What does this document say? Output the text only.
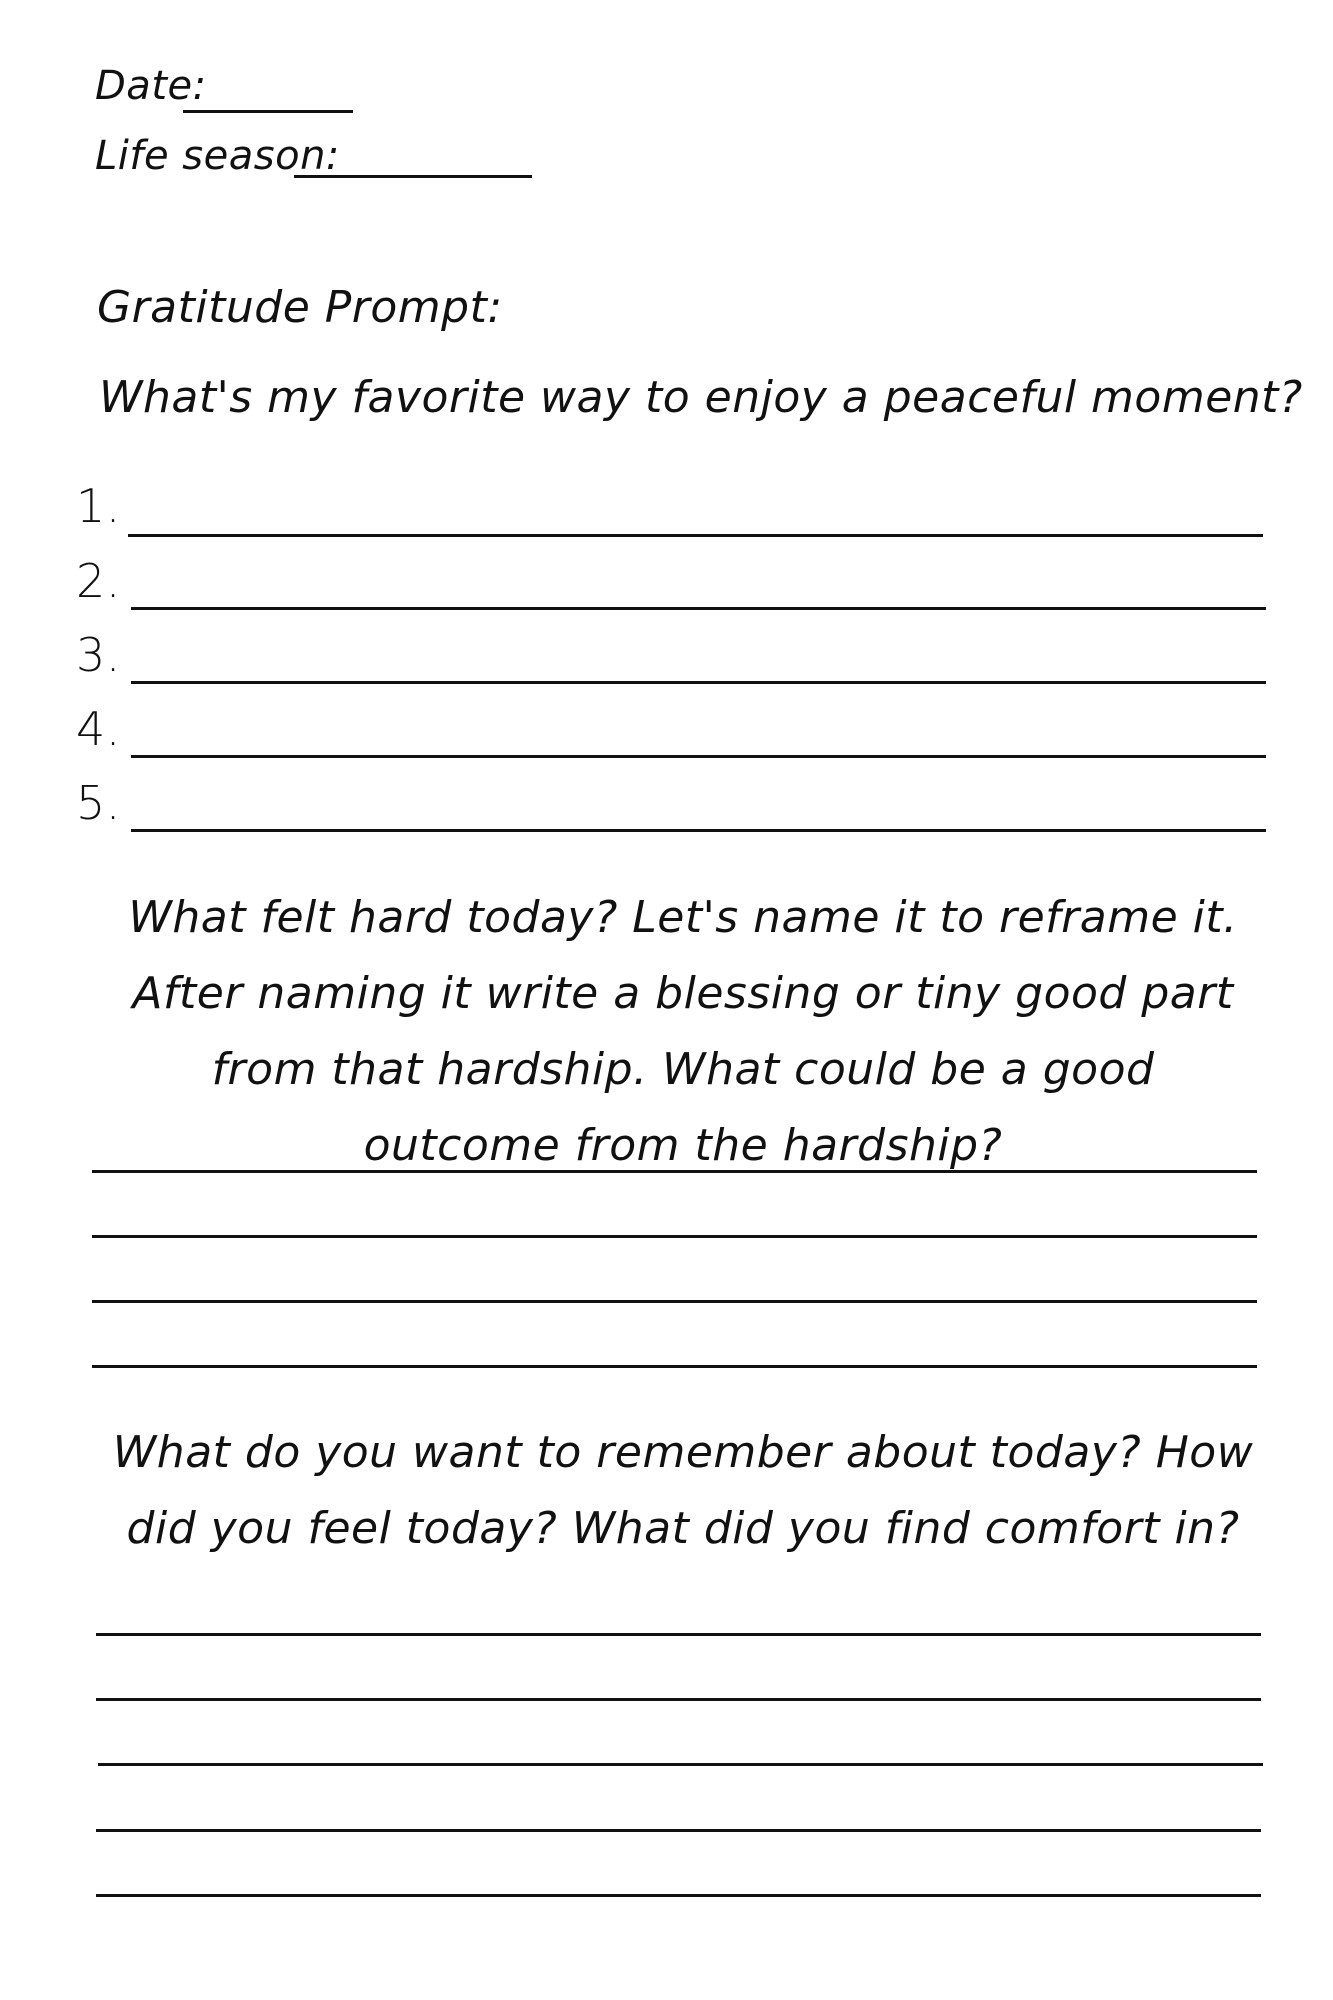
Date:
Life season:
Gratitude Prompt:
What's my favorite way to enjoy a peaceful moment?
1.
2.
3.
4.
5.
What felt hard today? Let's name it to reframe it. After naming it write a blessing or tiny good part from that hardship. What could be a good outcome from the hardship?
What do you want to remember about today? How did you feel today? What did you find comfort in?
